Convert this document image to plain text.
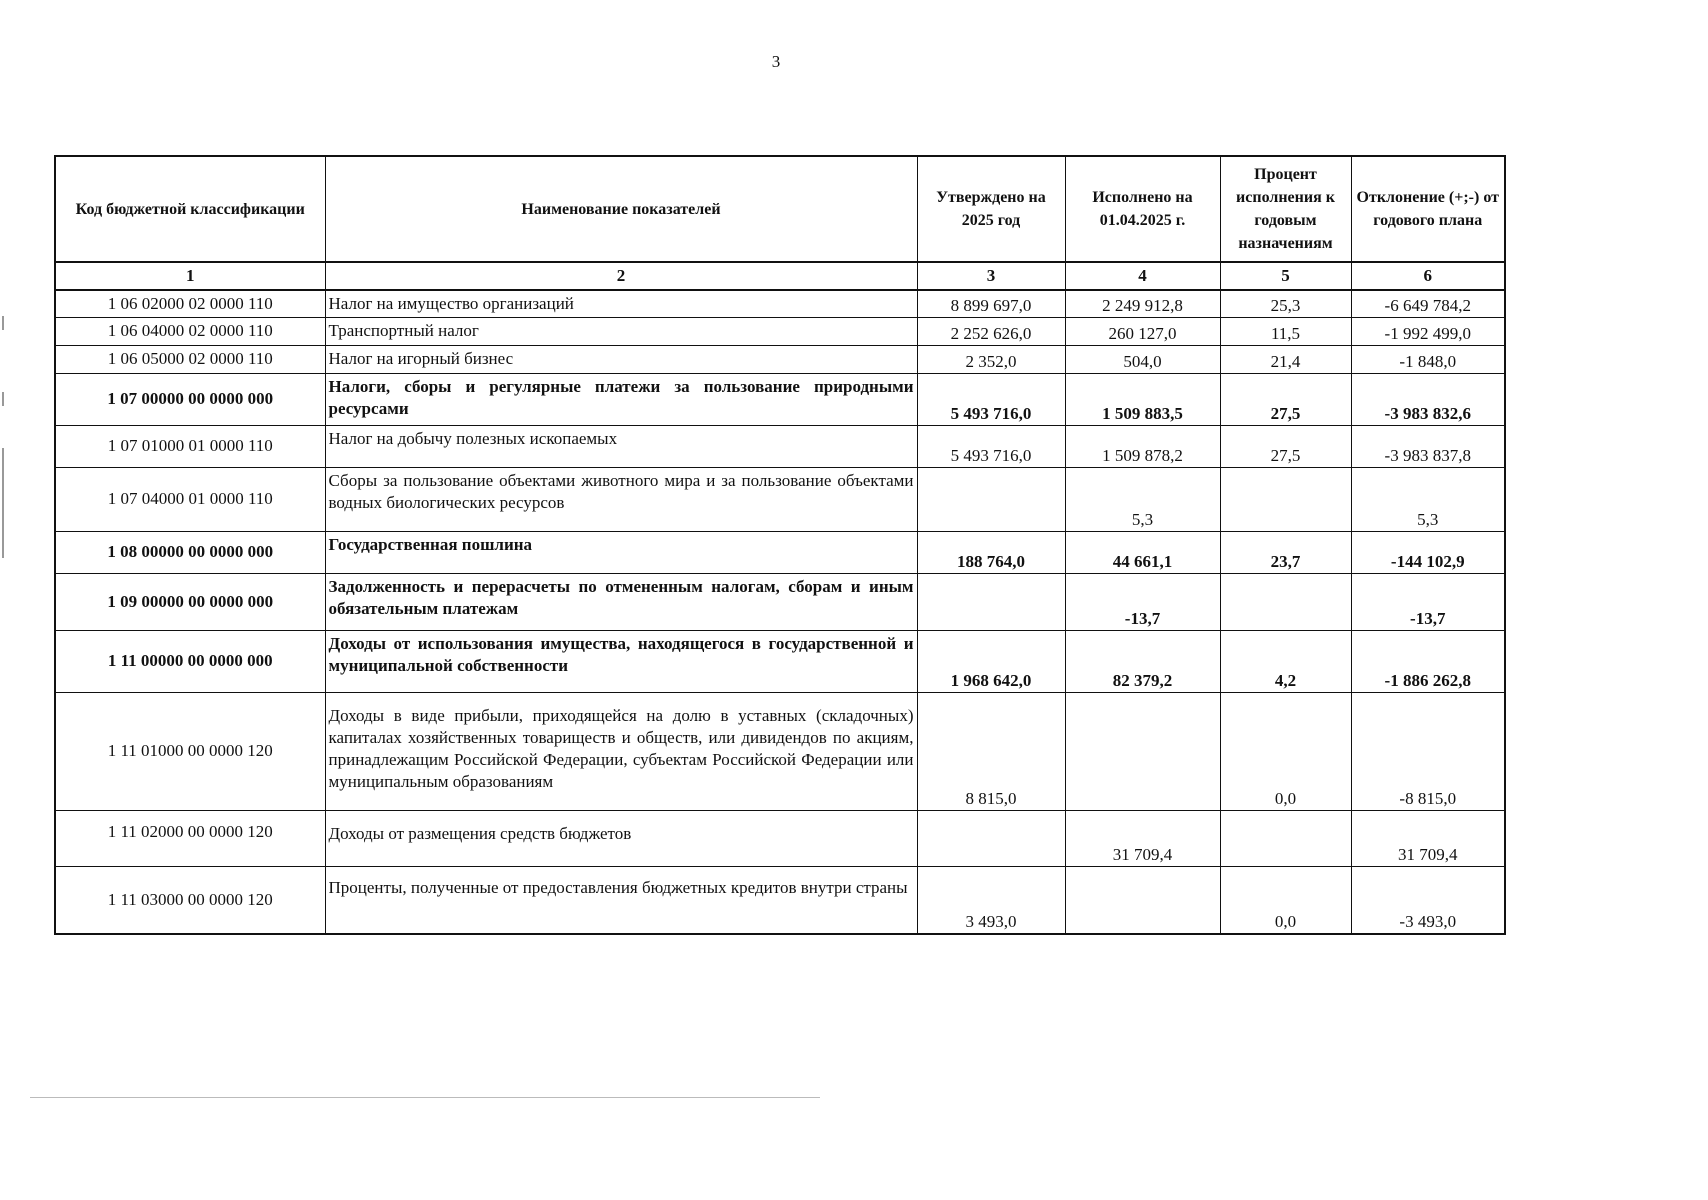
3
Код бюджетной классификации	Наименование показателей	Утверждено на 2025 год	Исполнено на 01.04.2025 г.	Процент исполнения к годовым назначениям	Отклонение (+;-) от годового плана
1	2	3	4	5	6
1 06 02000 02 0000 110	Налог на имущество организаций	8 899 697,0	2 249 912,8	25,3	-6 649 784,2
1 06 04000 02 0000 110	Транспортный налог	2 252 626,0	260 127,0	11,5	-1 992 499,0
1 06 05000 02 0000 110	Налог на игорный бизнес	2 352,0	504,0	21,4	-1 848,0
1 07 00000 00 0000 000	Налоги, сборы и регулярные платежи за пользование природными ресурсами	5 493 716,0	1 509 883,5	27,5	-3 983 832,6
1 07 01000 01 0000 110	Налог на добычу полезных ископаемых	5 493 716,0	1 509 878,2	27,5	-3 983 837,8
1 07 04000 01 0000 110	Сборы за пользование объектами животного мира и за пользование объектами водных биологических ресурсов		5,3		5,3
1 08 00000 00 0000 000	Государственная пошлина	188 764,0	44 661,1	23,7	-144 102,9
1 09 00000 00 0000 000	Задолженность и перерасчеты по отмененным налогам, сборам и иным обязательным платежам		-13,7		-13,7
1 11 00000 00 0000 000	Доходы от использования имущества, находящегося в государственной и муниципальной собственности	1 968 642,0	82 379,2	4,2	-1 886 262,8
1 11 01000 00 0000 120	Доходы в виде прибыли, приходящейся на долю в уставных (складочных) капиталах хозяйственных товариществ и обществ, или дивидендов по акциям, принадлежащим Российской Федерации, субъектам Российской Федерации или муниципальным образованиям	8 815,0		0,0	-8 815,0
1 11 02000 00 0000 120	Доходы от размещения средств бюджетов		31 709,4		31 709,4
1 11 03000 00 0000 120	Проценты, полученные от предоставления бюджетных кредитов внутри страны	3 493,0		0,0	-3 493,0
